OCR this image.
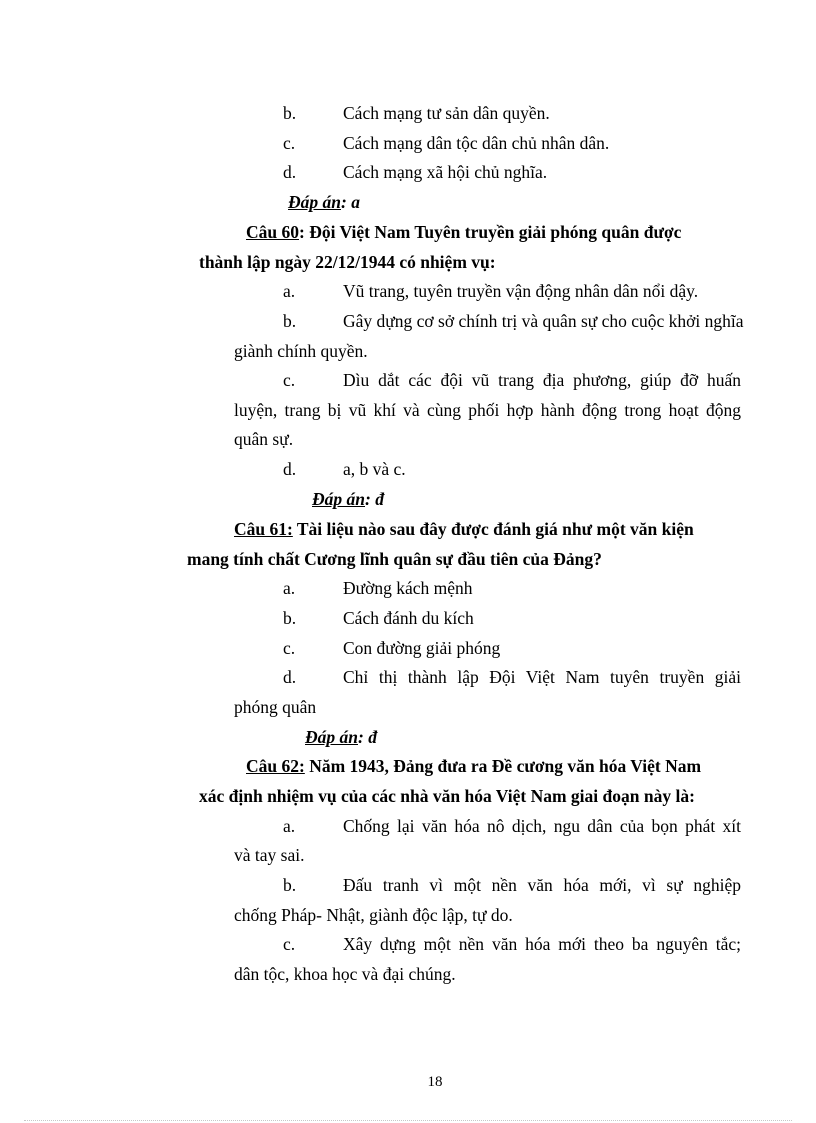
b.	Cách mạng tư sản dân quyền.
c.	Cách mạng dân tộc dân chủ nhân dân.
d.	Cách mạng xã hội chủ nghĩa.
Đáp án: a
Câu 60: Đội Việt Nam Tuyên truyền giải phóng quân được
thành lập ngày 22/12/1944 có nhiệm vụ:
a.	Vũ trang, tuyên truyền vận động nhân dân nổi dậy.
b.	Gây dựng cơ sở chính trị và quân sự cho cuộc khởi nghĩa
giành chính quyền.
c.	Dìu dắt các đội vũ trang địa phương, giúp đỡ huấn
luyện, trang bị vũ khí và cùng phối hợp hành động trong hoạt động
quân sự.
d.	a, b và c.
Đáp án: đ
Câu 61: Tài liệu nào sau đây được đánh giá như một văn kiện
mang tính chất Cương lĩnh quân sự đầu tiên của Đảng?
a.	Đường kách mệnh
b.	Cách đánh du kích
c.	Con đường giải phóng
d.	Chỉ thị thành lập Đội Việt Nam tuyên truyền giải
phóng quân
Đáp án: đ
Câu 62: Năm 1943, Đảng đưa ra Đề cương văn hóa Việt Nam
xác định nhiệm vụ của các nhà văn hóa Việt Nam giai đoạn này là:
a.	Chống lại văn hóa nô dịch, ngu dân của bọn phát xít
và tay sai.
b.	Đấu tranh vì một nền văn hóa mới, vì sự nghiệp
chống Pháp- Nhật, giành độc lập, tự do.
c.	Xây dựng một nền văn hóa mới theo ba nguyên tắc;
dân tộc, khoa học và đại chúng.
18
